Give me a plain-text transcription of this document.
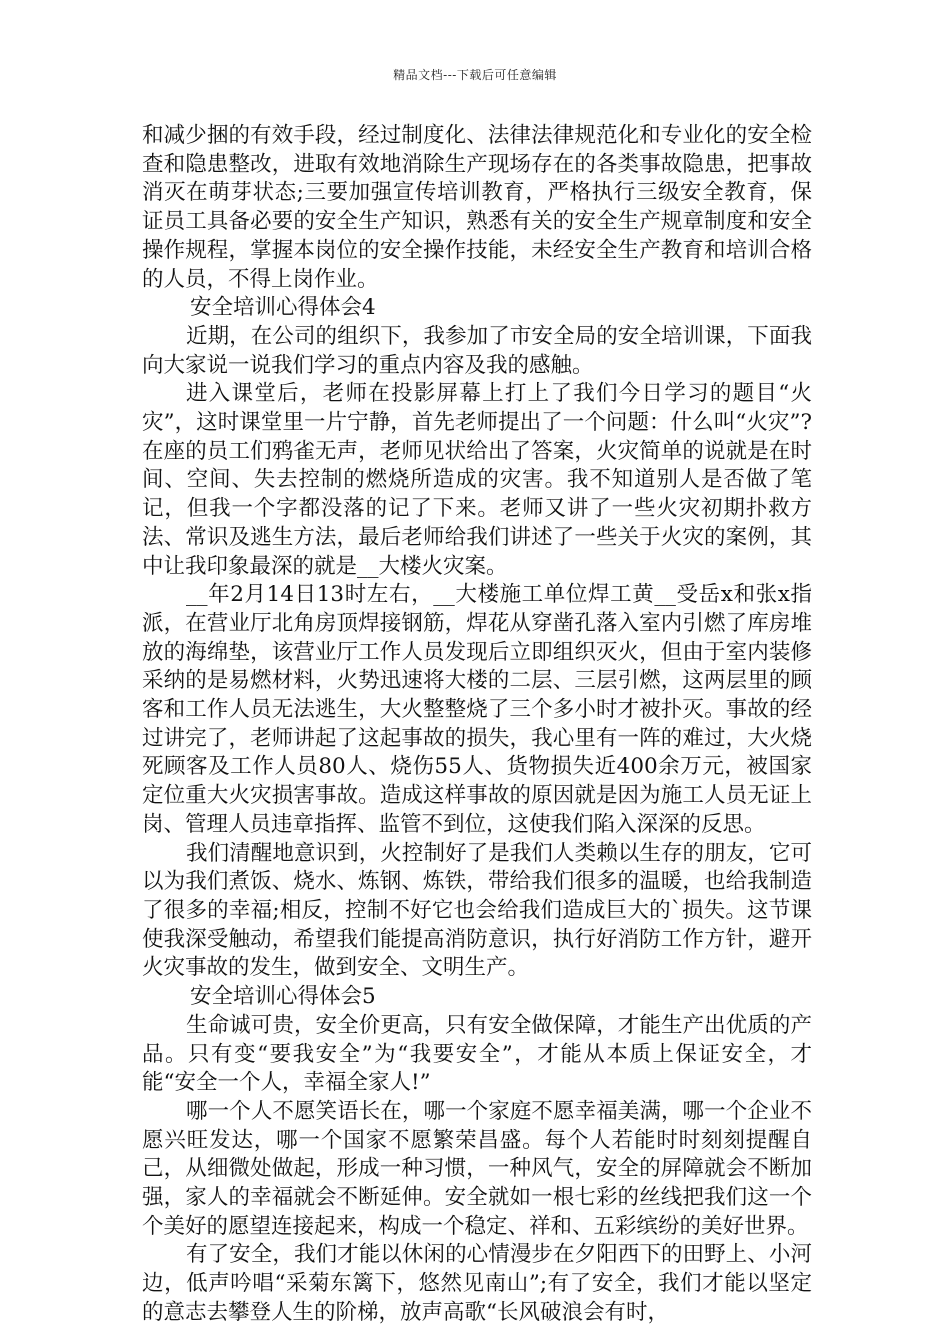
精品文档---下载后可任意编辑

和减少捆的有效手段，经过制度化、法律法律规范化和专业化的安全检查和隐患整改，进取有效地消除生产现场存在的各类事故隐患，把事故消灭在萌芽状态;三要加强宣传培训教育，严格执行三级安全教育，保证员工具备必要的安全生产知识，熟悉有关的安全生产规章制度和安全操作规程，掌握本岗位的安全操作技能，未经安全生产教育和培训合格的人员，不得上岗作业。

安全培训心得体会4

近期，在公司的组织下，我参加了市安全局的安全培训课，下面我向大家说一说我们学习的重点内容及我的感触。

进入课堂后，老师在投影屏幕上打上了我们今日学习的题目“火灾”，这时课堂里一片宁静，首先老师提出了一个问题：什么叫“火灾”?在座的员工们鸦雀无声，老师见状给出了答案，火灾简单的说就是在时间、空间、失去控制的燃烧所造成的灾害。我不知道别人是否做了笔记，但我一个字都没落的记了下来。老师又讲了一些火灾初期扑救方法、常识及逃生方法，最后老师给我们讲述了一些关于火灾的案例，其中让我印象最深的就是__大楼火灾案。

__年2月14日13时左右，__大楼施工单位焊工黄__受岳x和张x指派，在营业厅北角房顶焊接钢筋，焊花从穿凿孔落入室内引燃了库房堆放的海绵垫，该营业厅工作人员发现后立即组织灭火，但由于室内装修采纳的是易燃材料，火势迅速将大楼的二层、三层引燃，这两层里的顾客和工作人员无法逃生，大火整整烧了三个多小时才被扑灭。事故的经过讲完了，老师讲起了这起事故的损失，我心里有一阵的难过，大火烧死顾客及工作人员80人、烧伤55人、货物损失近400余万元，被国家定位重大火灾损害事故。造成这样事故的原因就是因为施工人员无证上岗、管理人员违章指挥、监管不到位，这使我们陷入深深的反思。

我们清醒地意识到，火控制好了是我们人类赖以生存的朋友，它可以为我们煮饭、烧水、炼钢、炼铁，带给我们很多的温暖，也给我制造了很多的幸福;相反，控制不好它也会给我们造成巨大的`损失。这节课使我深受触动，希望我们能提高消防意识，执行好消防工作方针，避开火灾事故的发生，做到安全、文明生产。

安全培训心得体会5

生命诚可贵，安全价更高，只有安全做保障，才能生产出优质的产品。只有变“要我安全”为“我要安全”，才能从本质上保证安全，才能“安全一个人，幸福全家人!”

哪一个人不愿笑语长在，哪一个家庭不愿幸福美满，哪一个企业不愿兴旺发达，哪一个国家不愿繁荣昌盛。每个人若能时时刻刻提醒自己，从细微处做起，形成一种习惯，一种风气，安全的屏障就会不断加强，家人的幸福就会不断延伸。安全就如一根七彩的丝线把我们这一个个美好的愿望连接起来，构成一个稳定、祥和、五彩缤纷的美好世界。

有了安全，我们才能以休闲的心情漫步在夕阳西下的田野上、小河边，低声吟唱“采菊东篱下，悠然见南山”;有了安全，我们才能以坚定的意志去攀登人生的阶梯，放声高歌“长风破浪会有时，
